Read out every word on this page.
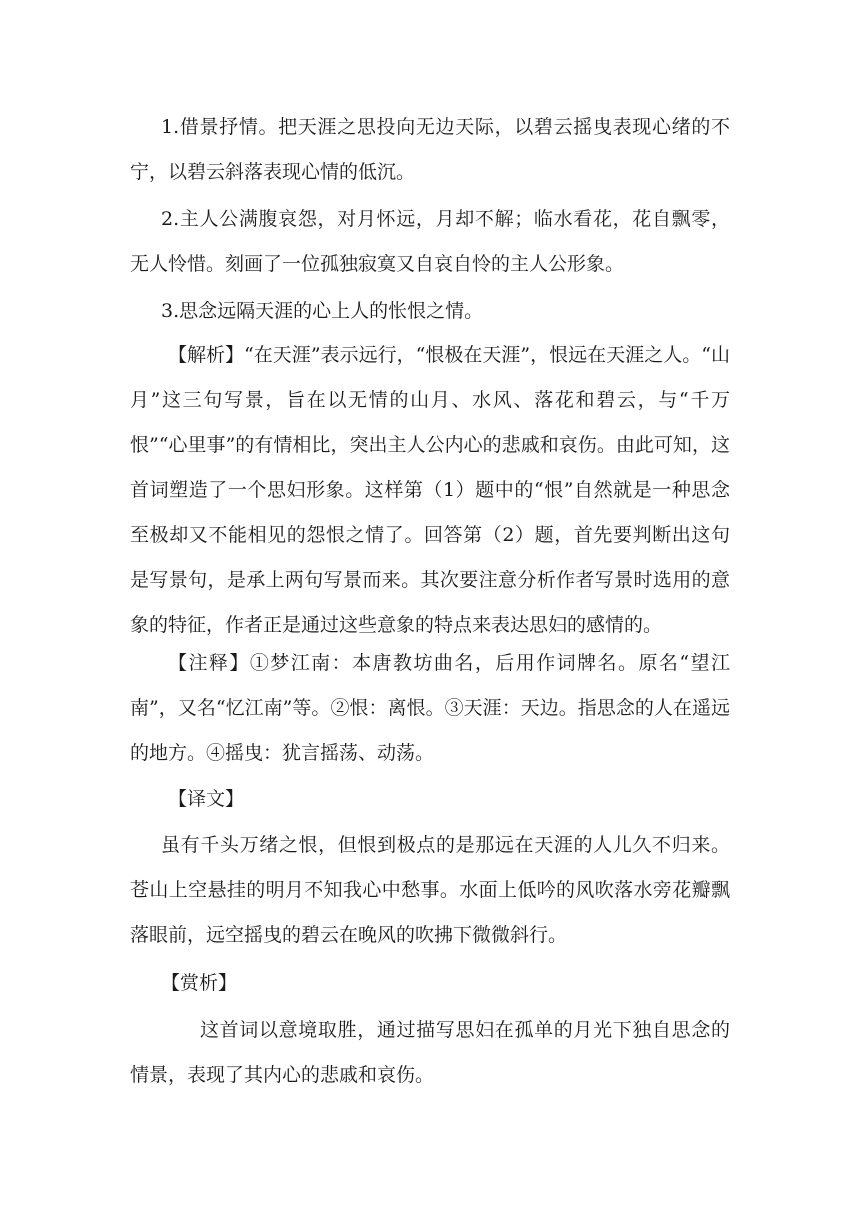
1.借景抒情。把天涯之思投向无边天际，以碧云摇曳表现心绪的不宁，以碧云斜落表现心情的低沉。

2.主人公满腹哀怨，对月怀远，月却不解；临水看花，花自飘零，无人怜惜。刻画了一位孤独寂寞又自哀自怜的主人公形象。

3.思念远隔天涯的心上人的怅恨之情。

【解析】“在天涯”表示远行，“恨极在天涯”，恨远在天涯之人。“山月”这三句写景，旨在以无情的山月、水风、落花和碧云，与“千万恨”“心里事”的有情相比，突出主人公内心的悲戚和哀伤。由此可知，这首词塑造了一个思妇形象。这样第（1）题中的“恨”自然就是一种思念至极却又不能相见的怨恨之情了。回答第（2）题，首先要判断出这句是写景句，是承上两句写景而来。其次要注意分析作者写景时选用的意象的特征，作者正是通过这些意象的特点来表达思妇的感情的。

【注释】①梦江南：本唐教坊曲名，后用作词牌名。原名“望江南”，又名“忆江南”等。②恨：离恨。③天涯：天边。指思念的人在遥远的地方。④摇曳：犹言摇荡、动荡。

【译文】

虽有千头万绪之恨，但恨到极点的是那远在天涯的人儿久不归来。苍山上空悬挂的明月不知我心中愁事。水面上低吟的风吹落水旁花瓣飘落眼前，远空摇曳的碧云在晚风的吹拂下微微斜行。

【赏析】

这首词以意境取胜，通过描写思妇在孤单的月光下独自思念的情景，表现了其内心的悲戚和哀伤。
